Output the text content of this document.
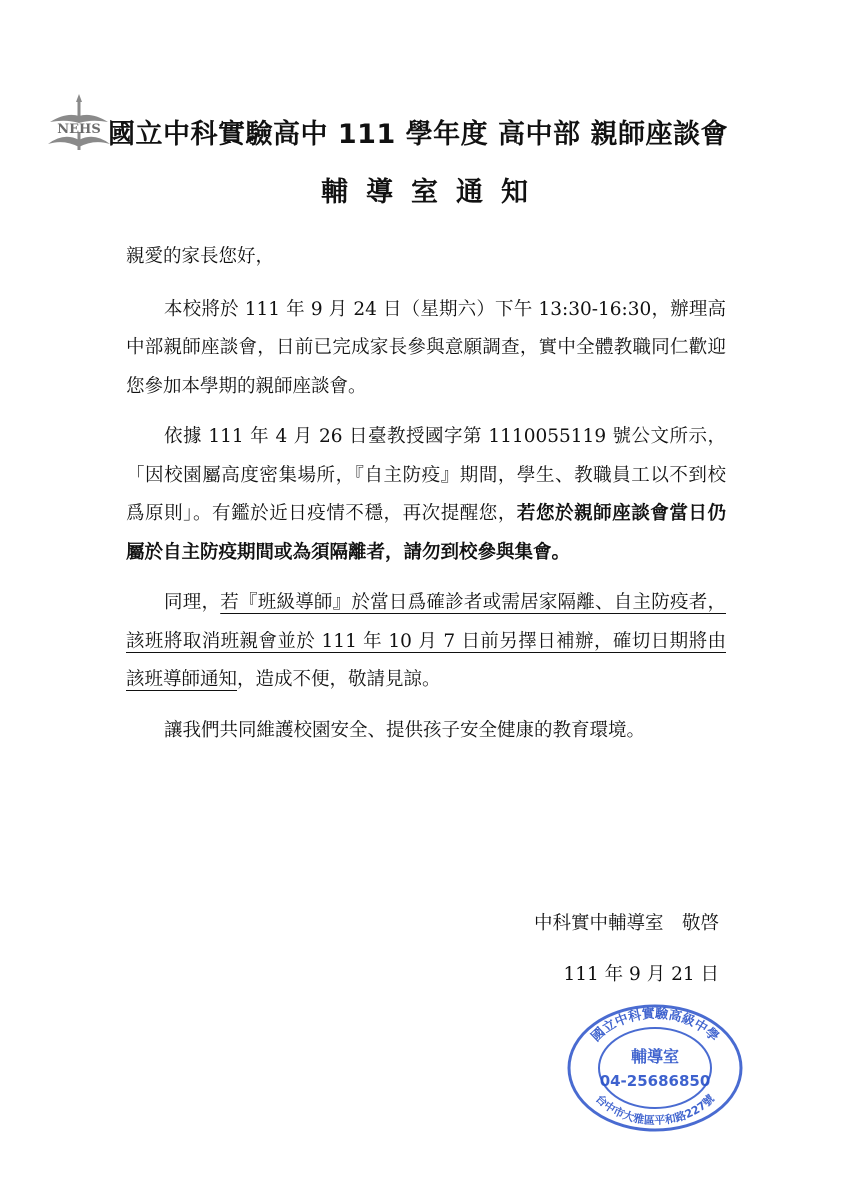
NEHS 國立中科實驗高中 111 學年度 高中部 親師座談會
輔導室通知

親愛的家長您好，

本校將於 111 年 9 月 24 日（星期六）下午 13:30-16:30，辦理高中部親師座談會，日前已完成家長參與意願調查，實中全體教職同仁歡迎您參加本學期的親師座談會。

依據 111 年 4 月 26 日臺教授國字第 1110055119 號公文所示，「因校園屬高度密集場所，『自主防疫』期間，學生、教職員工以不到校爲原則」。有鑑於近日疫情不穩，再次提醒您，若您於親師座談會當日仍屬於自主防疫期間或為須隔離者，請勿到校參與集會。

同理，若『班級導師』於當日爲確診者或需居家隔離、自主防疫者，該班將取消班親會並於 111 年 10 月 7 日前另擇日補辦，確切日期將由該班導師通知，造成不便，敬請見諒。

讓我們共同維護校園安全、提供孩子安全健康的教育環境。

中科實中輔導室　敬啓
111 年 9 月 21 日
國立中科實驗高級中學
台中市大雅區平和路227號
輔導室
04-25686850
